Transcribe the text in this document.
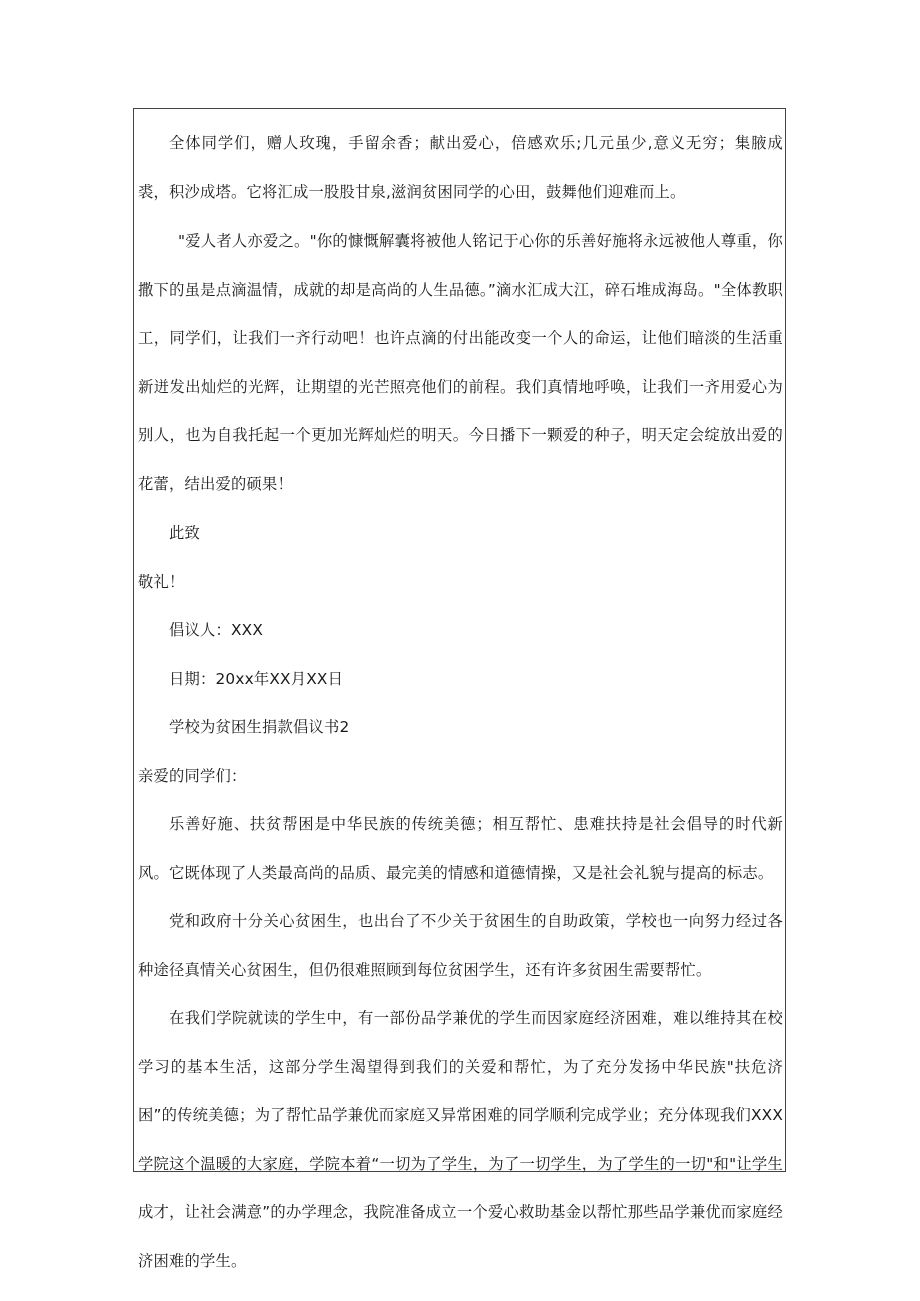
全体同学们，赠人玫瑰，手留余香；献出爱心，倍感欢乐;几元虽少,意义无穷；集腋成裘，积沙成塔。它将汇成一股股甘泉,滋润贫困同学的心田，鼓舞他们迎难而上。

"爱人者人亦爱之。"你的慷慨解囊将被他人铭记于心你的乐善好施将永远被他人尊重，你撒下的虽是点滴温情，成就的却是高尚的人生品德。”滴水汇成大江，碎石堆成海岛。"全体教职工，同学们，让我们一齐行动吧！也许点滴的付出能改变一个人的命运，让他们暗淡的生活重新迸发出灿烂的光辉，让期望的光芒照亮他们的前程。我们真情地呼唤，让我们一齐用爱心为别人，也为自我托起一个更加光辉灿烂的明天。今日播下一颗爱的种子，明天定会绽放出爱的花蕾，结出爱的硕果！

此致

敬礼！

倡议人：XXX

日期：20xx年XX月XX日

学校为贫困生捐款倡议书2

亲爱的同学们：

乐善好施、扶贫帮困是中华民族的传统美德；相互帮忙、患难扶持是社会倡导的时代新风。它既体现了人类最高尚的品质、最完美的情感和道德情操，又是社会礼貌与提高的标志。

党和政府十分关心贫困生，也出台了不少关于贫困生的自助政策，学校也一向努力经过各种途径真情关心贫困生，但仍很难照顾到每位贫困学生，还有许多贫困生需要帮忙。

在我们学院就读的学生中，有一部份品学兼优的学生而因家庭经济困难，难以维持其在校学习的基本生活，这部分学生渴望得到我们的关爱和帮忙，为了充分发扬中华民族"扶危济困”的传统美德；为了帮忙品学兼优而家庭又异常困难的同学顺利完成学业；充分体现我们XXX学院这个温暖的大家庭，学院本着“一切为了学生，为了一切学生，为了学生的一切"和"让学生成才，让社会满意”的办学理念，我院准备成立一个爱心救助基金以帮忙那些品学兼优而家庭经济困难的学生。
